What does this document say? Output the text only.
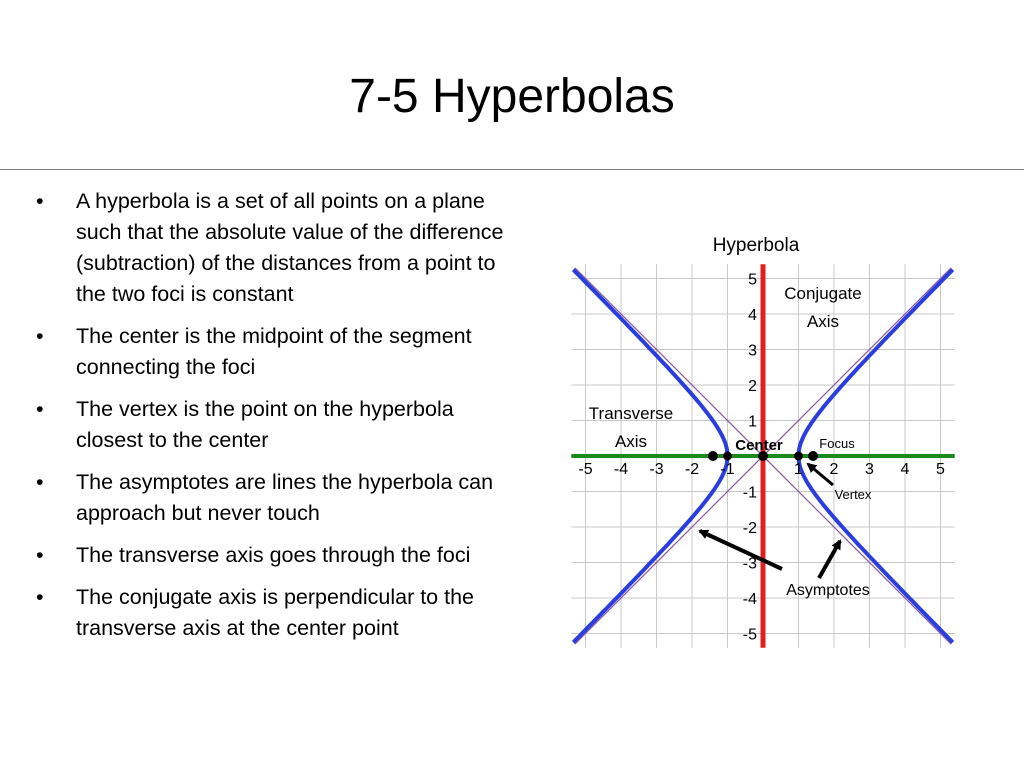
7-5 Hyperbolas
• A hyperbola is a set of all points on a plane such that the absolute value of the difference (subtraction) of the distances from a point to the two foci is constant
• The center is the midpoint of the segment connecting the foci
• The vertex is the point on the hyperbola closest to the center
• The asymptotes are lines the hyperbola can approach but never touch
• The transverse axis goes through the foci
• The conjugate axis is perpendicular to the transverse axis at the center point
-5 -4 -3 -2 -1	1 2 3 4 5
5
4
3
2
1
-1
-2
-3
-4
-5
Hyperbola
Conjugate
Axis
Transverse
Axis	Center	Focus
Vertex
Asymptotes
